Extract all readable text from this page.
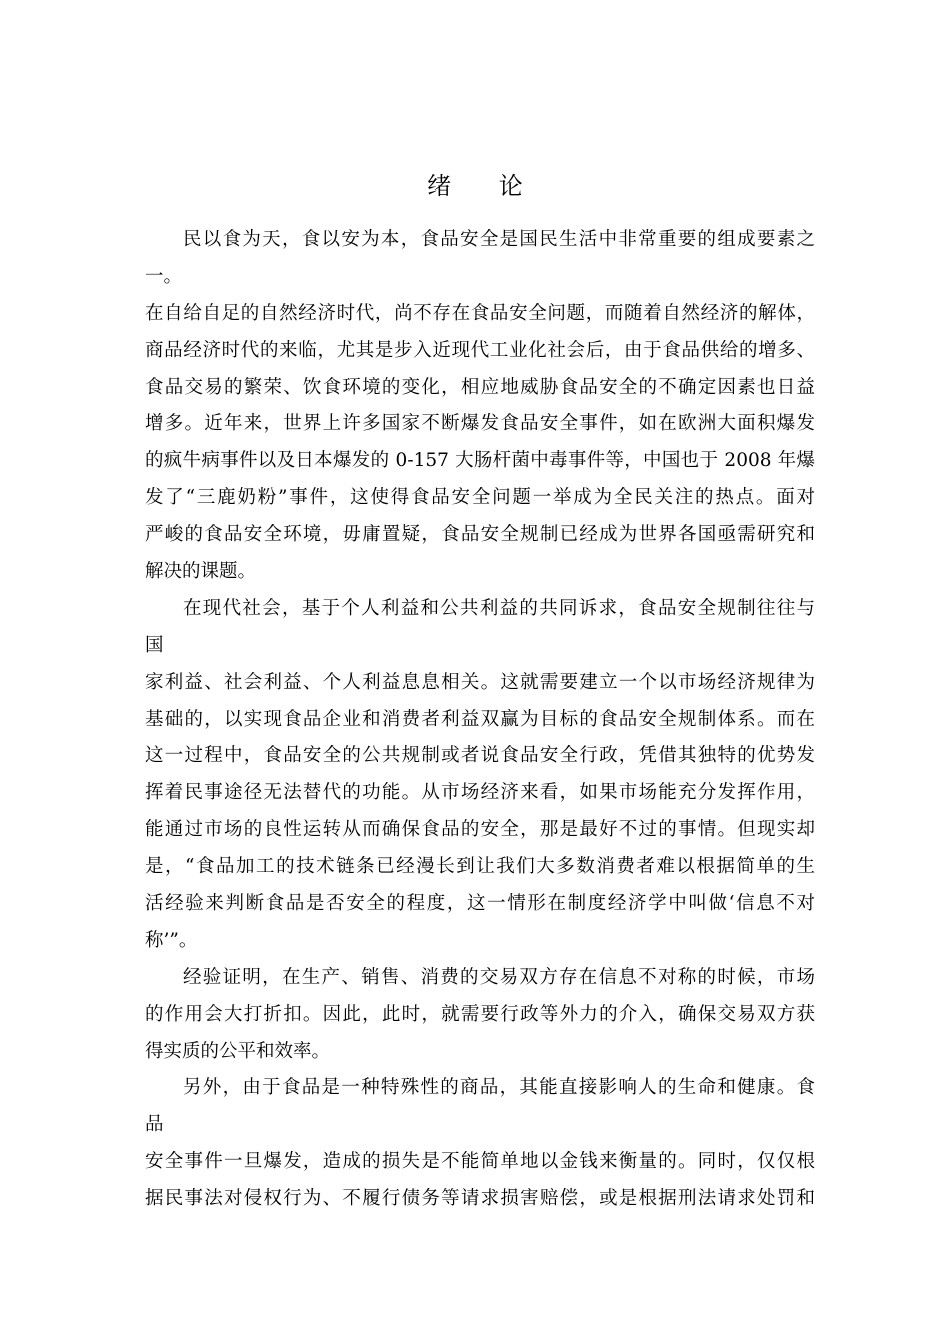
绪 论
民以食为天，食以安为本，食品安全是国民生活中非常重要的组成要素之
一。
在自给自足的自然经济时代，尚不存在食品安全问题，而随着自然经济的解体，
商品经济时代的来临，尤其是步入近现代工业化社会后，由于食品供给的增多、
食品交易的繁荣、饮食环境的变化，相应地威胁食品安全的不确定因素也日益
增多。近年来，世界上许多国家不断爆发食品安全事件，如在欧洲大面积爆发
的疯牛病事件以及日本爆发的 0-157 大肠杆菌中毒事件等，中国也于 2008 年爆
发了“三鹿奶粉”事件，这使得食品安全问题一举成为全民关注的热点。面对
严峻的食品安全环境，毋庸置疑，食品安全规制已经成为世界各国亟需研究和
解决的课题。
在现代社会，基于个人利益和公共利益的共同诉求，食品安全规制往往与
国
家利益、社会利益、个人利益息息相关。这就需要建立一个以市场经济规律为
基础的，以实现食品企业和消费者利益双赢为目标的食品安全规制体系。而在
这一过程中，食品安全的公共规制或者说食品安全行政，凭借其独特的优势发
挥着民事途径无法替代的功能。从市场经济来看，如果市场能充分发挥作用，
能通过市场的良性运转从而确保食品的安全，那是最好不过的事情。但现实却
是，“食品加工的技术链条已经漫长到让我们大多数消费者难以根据简单的生
活经验来判断食品是否安全的程度，这一情形在制度经济学中叫做‘信息不对
称’”。
经验证明，在生产、销售、消费的交易双方存在信息不对称的时候，市场
的作用会大打折扣。因此，此时，就需要行政等外力的介入，确保交易双方获
得实质的公平和效率。
另外，由于食品是一种特殊性的商品，其能直接影响人的生命和健康。食
品
安全事件一旦爆发，造成的损失是不能简单地以金钱来衡量的。同时，仅仅根
据民事法对侵权行为、不履行债务等请求损害赔偿，或是根据刑法请求处罚和
